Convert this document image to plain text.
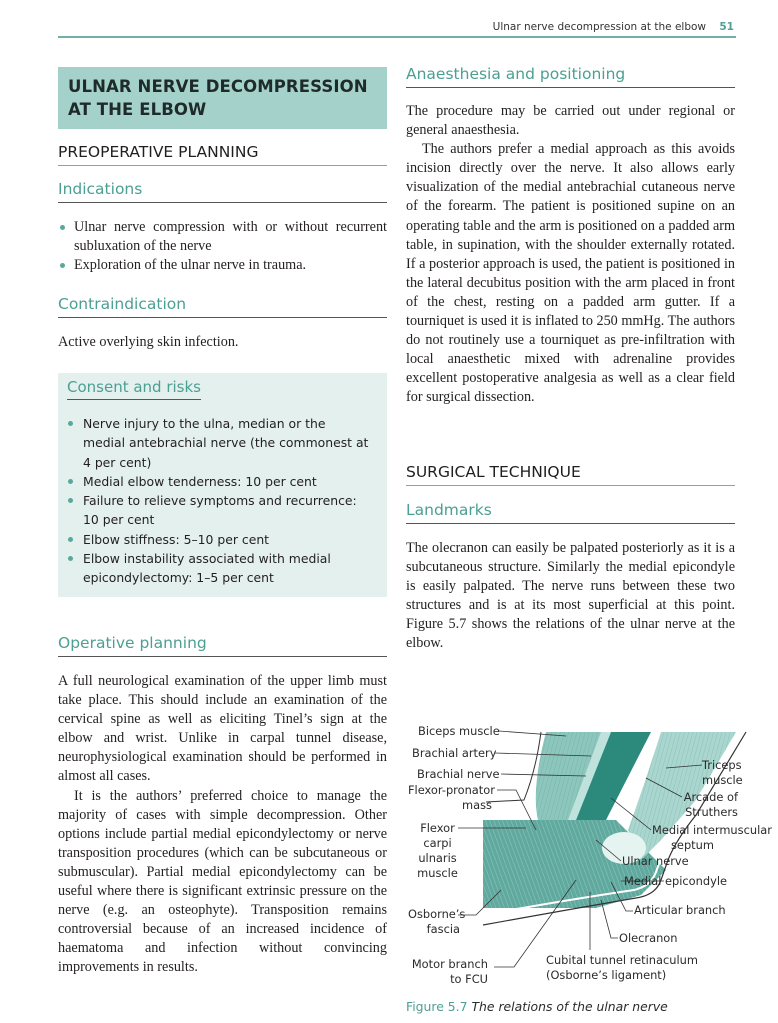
Ulnar nerve decompression at the elbow 51
ULNAR NERVE DECOMPRESSION AT THE ELBOW
PREOPERATIVE PLANNING
Indications
Ulnar nerve compression with or without recurrent subluxation of the nerve
Exploration of the ulnar nerve in trauma.
Contraindication

Active overlying skin infection.

Consent and risks
Nerve injury to the ulna, median or the medial antebrachial nerve (the commonest at 4 per cent)
Medial elbow tenderness: 10 per cent
Failure to relieve symptoms and recurrence: 10 per cent
Elbow stiffness: 5–10 per cent
Elbow instability associated with medial epicondylectomy: 1–5 per cent
Operative planning

A full neurological examination of the upper limb must take place. This should include an examination of the cervical spine as well as eliciting Tinel’s sign at the elbow and wrist. Unlike in carpal tunnel disease, neurophysiological examination should be performed in almost all cases.

It is the authors’ preferred choice to manage the majority of cases with simple decompression. Other options include partial medial epicondylectomy or nerve transposition procedures (which can be subcutaneous or submuscular). Partial medial epicondylectomy can be useful where there is significant extrinsic pressure on the nerve (e.g. an osteophyte). Transposition remains controversial because of an increased incidence of haematoma and infection without convincing improvements in results.

Anaesthesia and positioning

The procedure may be carried out under regional or general anaesthesia.

The authors prefer a medial approach as this avoids incision directly over the nerve. It also allows early visualization of the medial antebrachial cutaneous nerve of the forearm. The patient is positioned supine on an operating table and the arm is positioned on a padded arm table, in supination, with the shoulder externally rotated. If a posterior approach is used, the patient is positioned in the lateral decubitus position with the arm placed in front of the chest, resting on a padded arm gutter. If a tourniquet is used it is inflated to 250 mmHg. The authors do not routinely use a tourniquet as pre-infiltration with local anaesthetic mixed with adrenaline provides excellent postoperative analgesia as well as a clear field for surgical dissection.

SURGICAL TECHNIQUE
Landmarks

The olecranon can easily be palpated posteriorly as it is a subcutaneous structure. Similarly the medial epicondyle is easily palpated. The nerve runs between these two structures and is at its most superficial at this point. Figure 5.7 shows the relations of the ulnar nerve at the elbow.

Biceps muscle
Brachial artery
Brachial nerve
Flexor-pronator
mass
Flexor
carpi
ulnaris
muscle
Osborne’s
fascia
Motor branch
to FCU
Triceps
muscle
Arcade of
Struthers
Medial intermuscular
septum
Ulnar nerve
Medial epicondyle
Articular branch
Olecranon
Cubital tunnel retinaculum
(Osborne’s ligament)
Figure 5.7 The relations of the ulnar nerve
